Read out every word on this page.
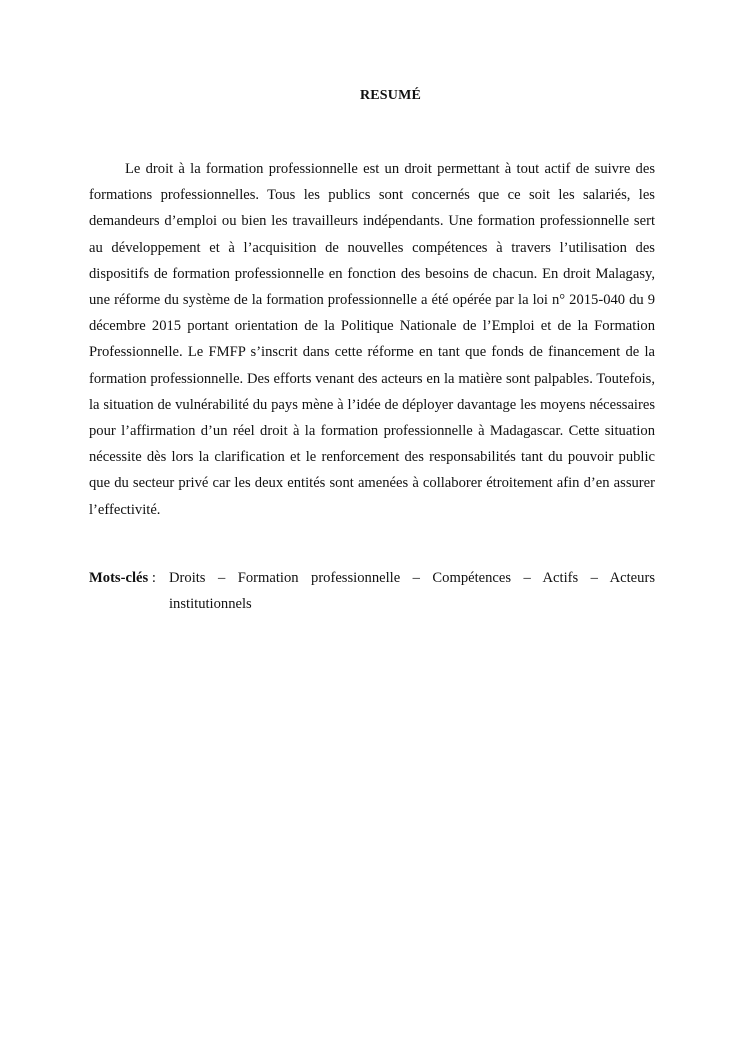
RESUMÉ

Le droit à la formation professionnelle est un droit permettant à tout actif de suivre des formations professionnelles. Tous les publics sont concernés que ce soit les salariés, les demandeurs d’emploi ou bien les travailleurs indépendants. Une formation professionnelle sert au développement et à l’acquisition de nouvelles compétences à travers l’utilisation des dispositifs de formation professionnelle en fonction des besoins de chacun. En droit Malagasy, une réforme du système de la formation professionnelle a été opérée par la loi n° 2015-040 du 9 décembre 2015 portant orientation de la Politique Nationale de l’Emploi et de la Formation Professionnelle. Le FMFP s’inscrit dans cette réforme en tant que fonds de financement de la formation professionnelle. Des efforts venant des acteurs en la matière sont palpables. Toutefois, la situation de vulnérabilité du pays mène à l’idée de déployer davantage les moyens nécessaires pour l’affirmation d’un réel droit à la formation professionnelle à Madagascar. Cette situation nécessite dès lors la clarification et le renforcement des responsabilités tant du pouvoir public que du secteur privé car les deux entités sont amenées à collaborer étroitement afin d’en assurer l’effectivité.

Mots-clés : Droits – Formation professionnelle – Compétences – Actifs – Acteurs institutionnels
